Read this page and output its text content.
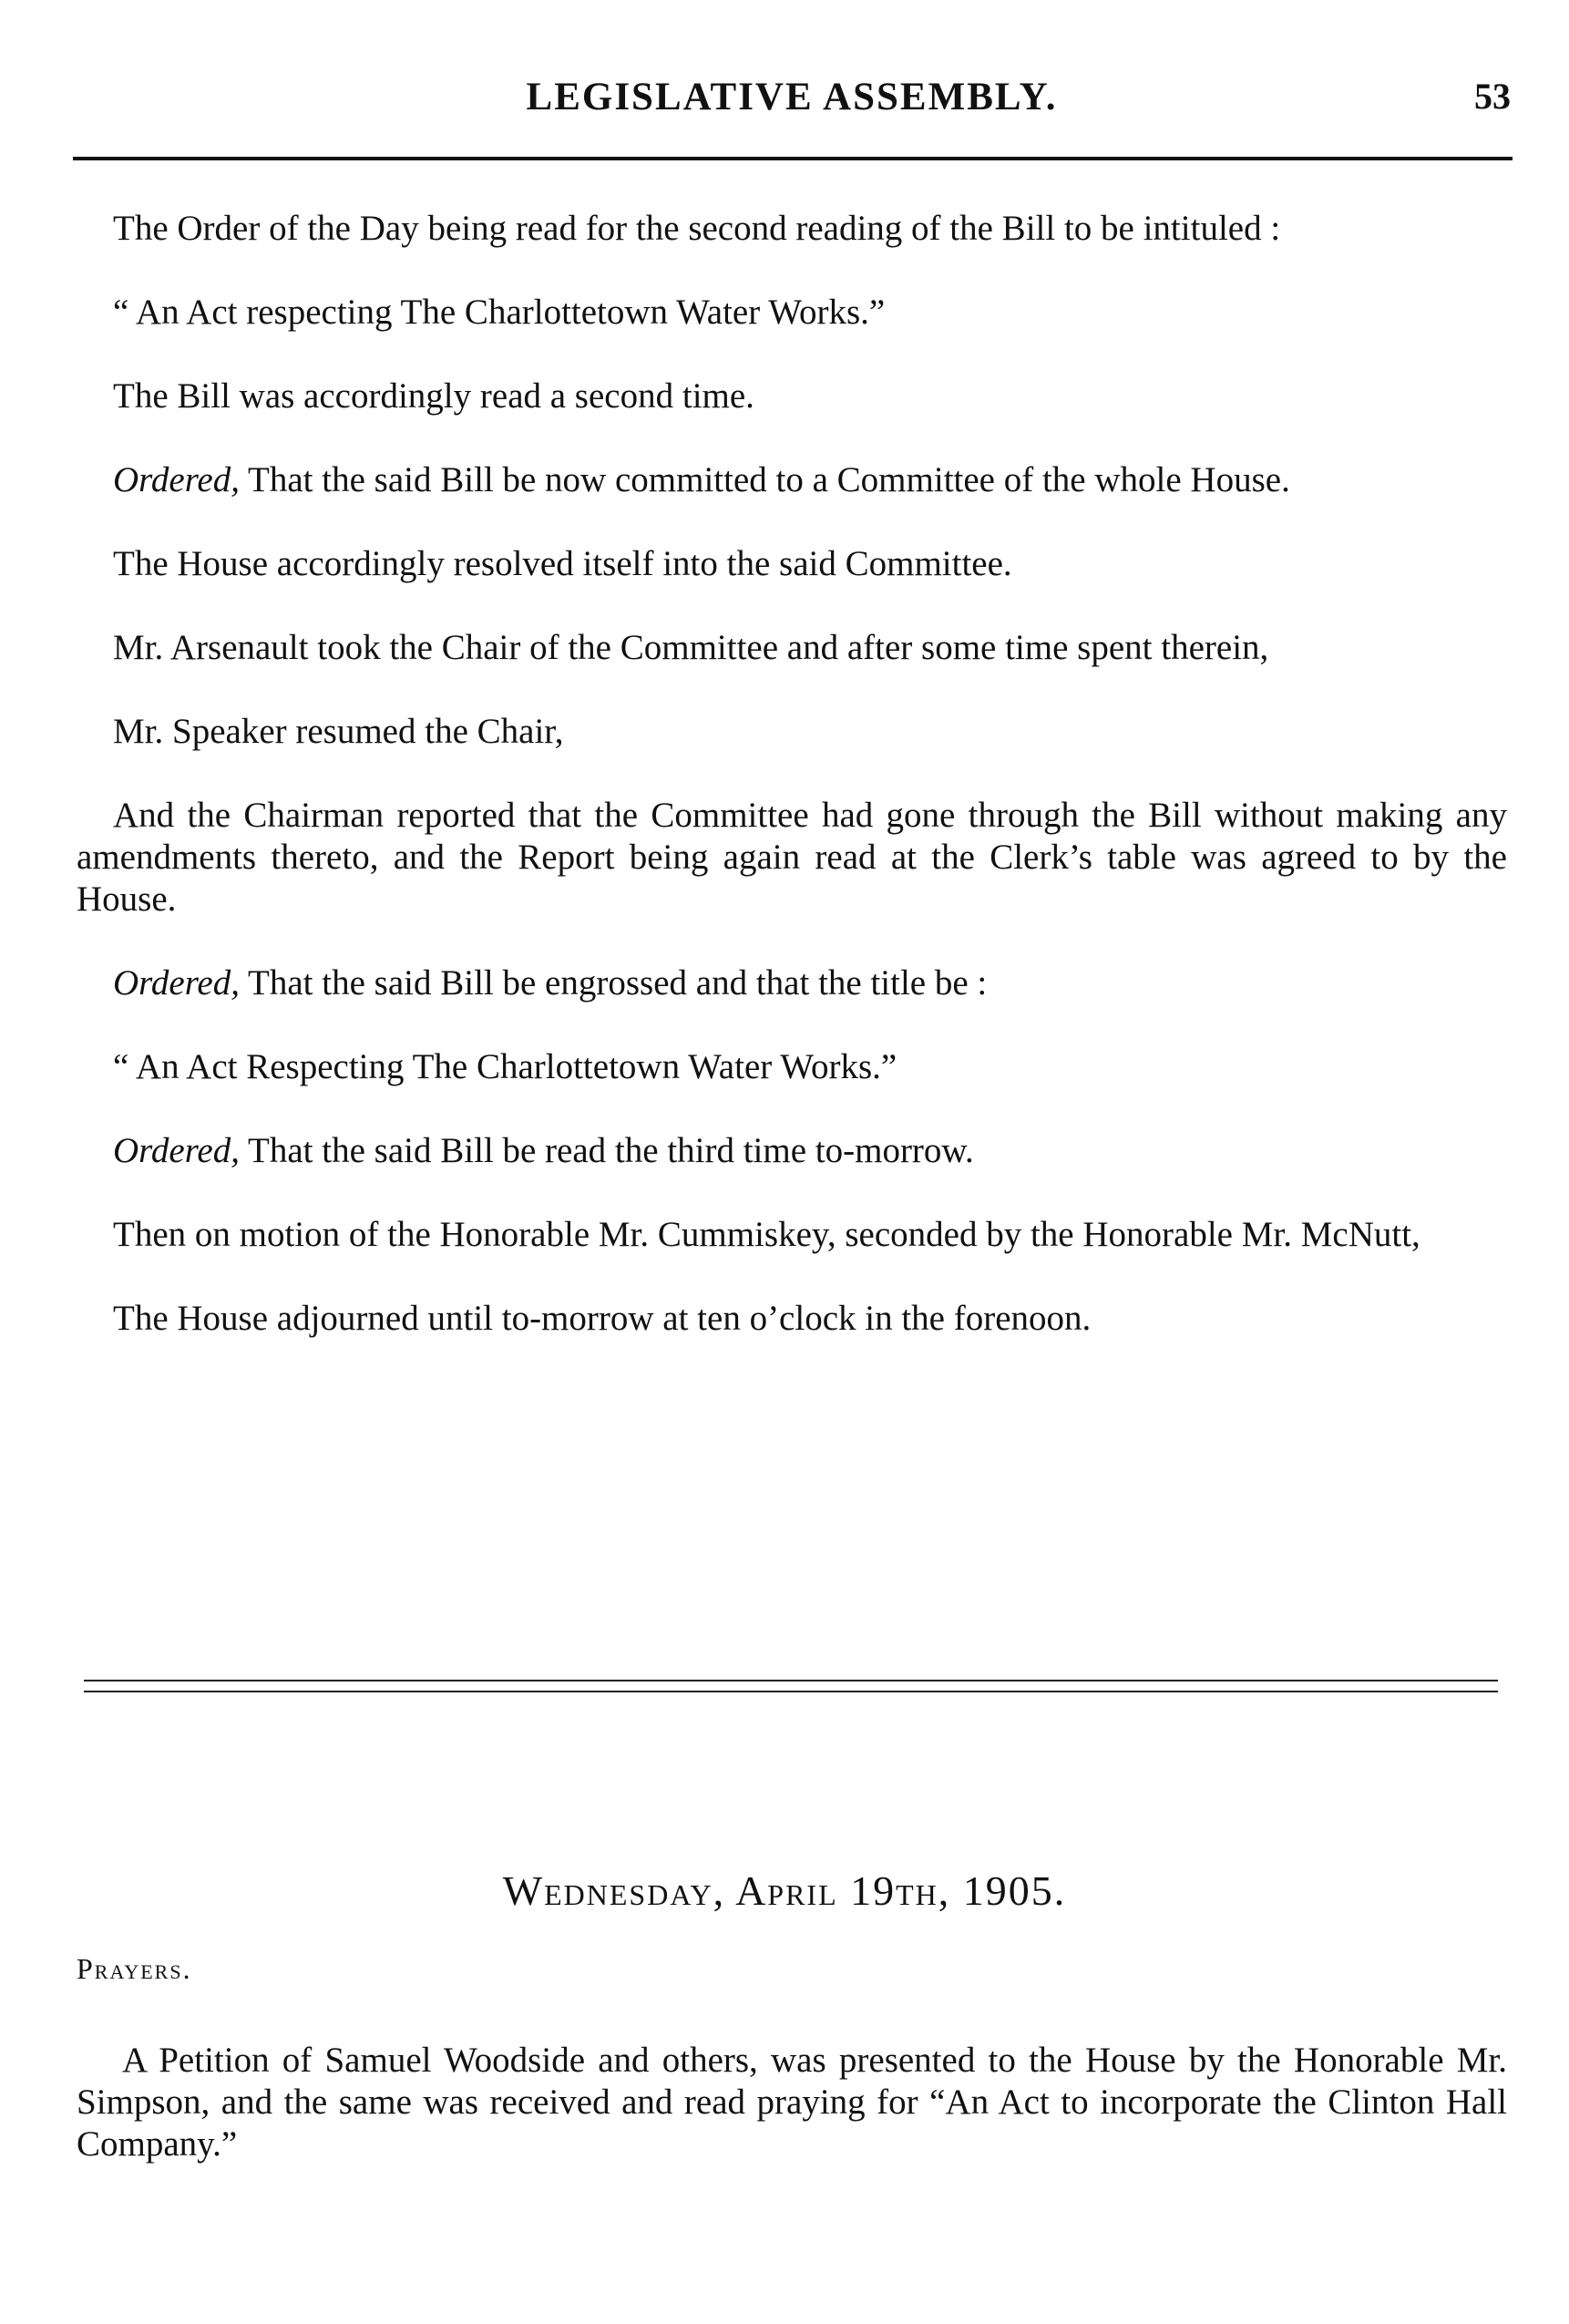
LEGISLATIVE ASSEMBLY.	53

The Order of the Day being read for the second reading of the Bill to be intituled :

“ An Act respecting The Charlottetown Water Works.”

The Bill was accordingly read a second time.

Ordered, That the said Bill be now committed to a Committee of the whole House.

The House accordingly resolved itself into the said Committee.

Mr. Arsenault took the Chair of the Committee and after some time spent therein,

Mr. Speaker resumed the Chair,

And the Chairman reported that the Committee had gone through the Bill without making any amendments thereto, and the Report being again read at the Clerk’s table was agreed to by the House.

Ordered, That the said Bill be engrossed and that the title be :

“ An Act Respecting The Charlottetown Water Works.”

Ordered, That the said Bill be read the third time to-morrow.

Then on motion of the Honorable Mr. Cummiskey, seconded by the Honorable Mr. McNutt,

The House adjourned until to-morrow at ten o’clock in the forenoon.

Wednesday, April 19th, 1905.
Prayers.

A Petition of Samuel Woodside and others, was presented to the House by the Honorable Mr. Simpson, and the same was received and read praying for “An Act to incorporate the Clinton Hall Company.”
